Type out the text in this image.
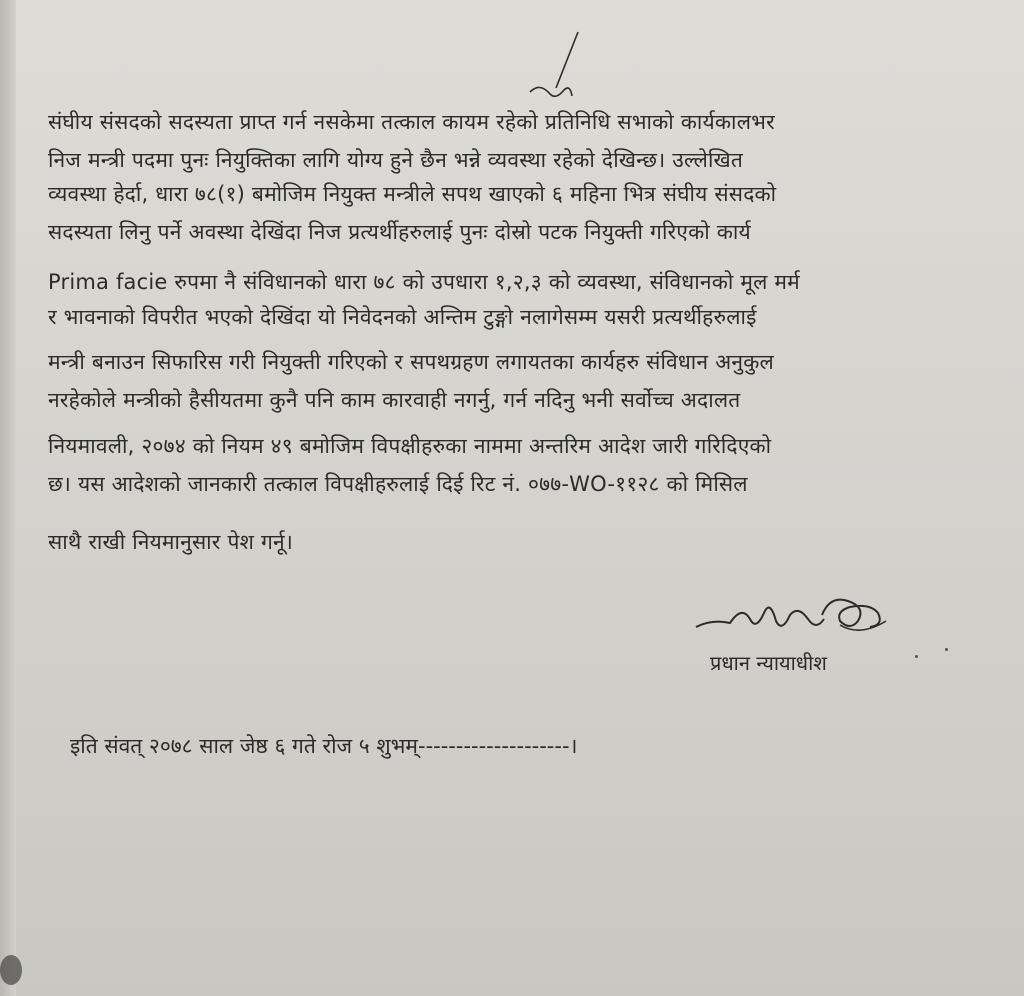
संघीय संसदको सदस्यता प्राप्त गर्न नसकेमा तत्काल कायम रहेको प्रतिनिधि सभाको कार्यकालभर
निज मन्त्री पदमा पुनः नियुक्तिका लागि योग्य हुने छैन भन्ने व्यवस्था रहेको देखिन्छ। उल्लेखित
व्यवस्था हेर्दा, धारा ७८(१) बमोजिम नियुक्त मन्त्रीले सपथ खाएको ६ महिना भित्र संघीय संसदको
सदस्यता लिनु पर्ने अवस्था देखिंदा निज प्रत्यर्थीहरुलाई पुनः दोस्रो पटक नियुक्ती गरिएको कार्य
Prima facie रुपमा नै संविधानको धारा ७८ को उपधारा १,२,३ को व्यवस्था, संविधानको मूल मर्म
र भावनाको विपरीत भएको देखिंदा यो निवेदनको अन्तिम टुङ्गो नलागेसम्म यसरी प्रत्यर्थीहरुलाई
मन्त्री बनाउन सिफारिस गरी नियुक्ती गरिएको र सपथग्रहण लगायतका कार्यहरु संविधान अनुकुल
नरहेकोले मन्त्रीको हैसीयतमा कुनै पनि काम कारवाही नगर्नु, गर्न नदिनु भनी सर्वोच्च अदालत
नियमावली, २०७४ को नियम ४९ बमोजिम विपक्षीहरुका नाममा अन्तरिम आदेश जारी गरिदिएको
छ। यस आदेशको जानकारी तत्काल विपक्षीहरुलाई दिई रिट नं. ०७७-WO-११२८ को मिसिल
साथै राखी नियमानुसार पेश गर्नू।
प्रधान न्यायाधीश
इति संवत् २०७८ साल जेष्ठ ६ गते रोज ५ शुभम्--------------------।
